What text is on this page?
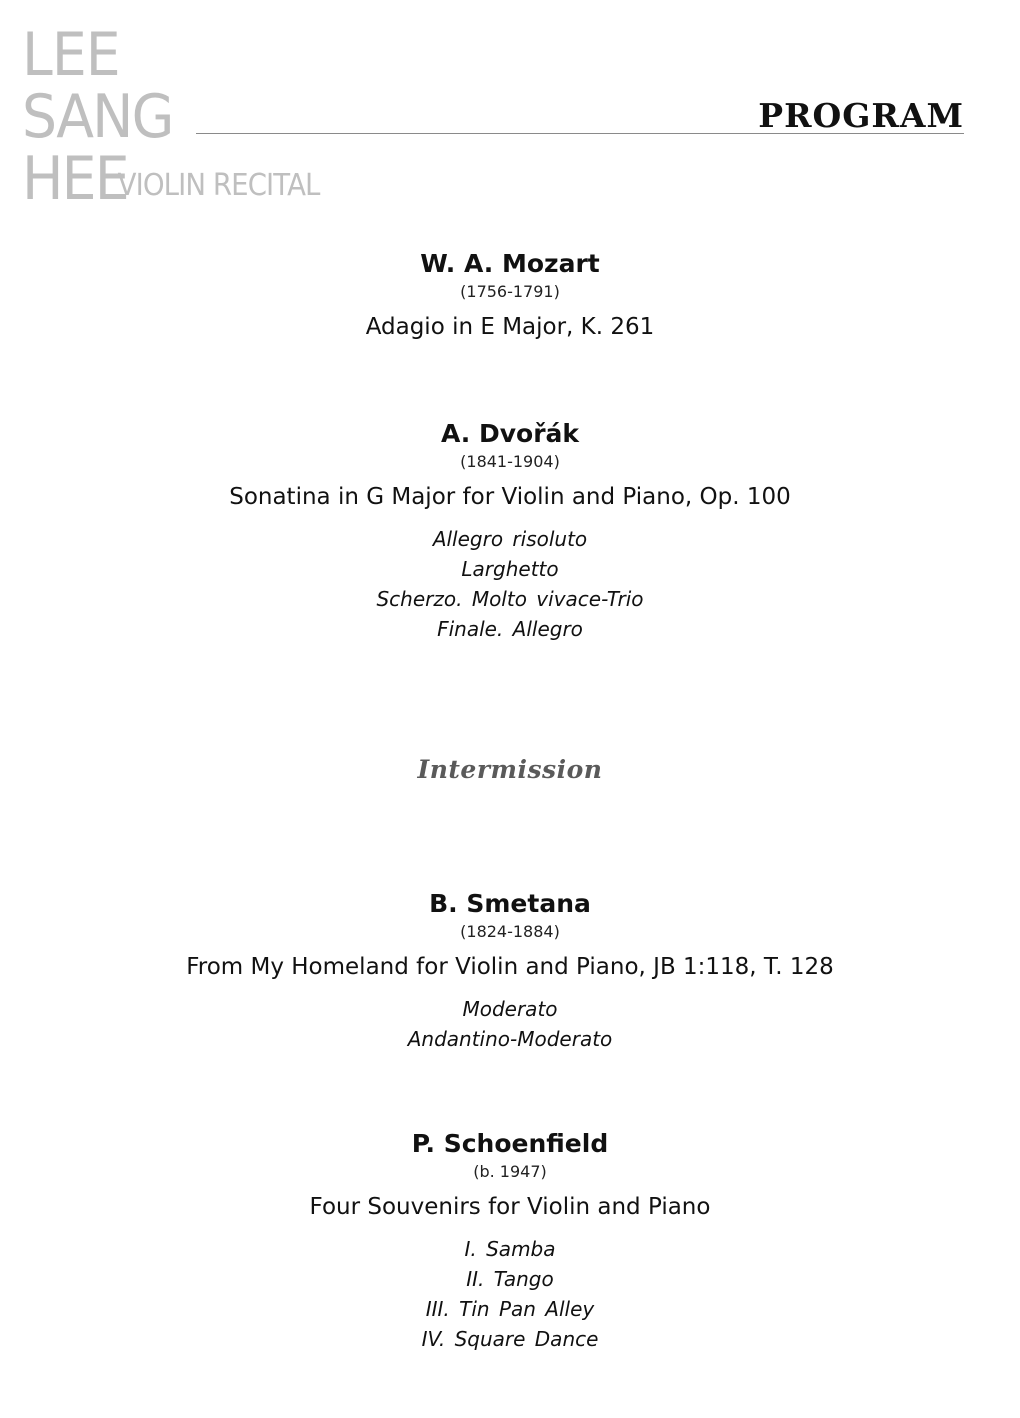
LEE
SANG
HEE
VIOLIN RECITAL
PROGRAM
W. A. Mozart
(1756-1791)
Adagio in E Major, K. 261
A. Dvořák
(1841-1904)
Sonatina in G Major for Violin and Piano, Op. 100
Allegro risoluto
Larghetto
Scherzo. Molto vivace-Trio
Finale. Allegro
Intermission
B. Smetana
(1824-1884)
From My Homeland for Violin and Piano, JB 1:118, T. 128
Moderato
Andantino-Moderato
P. Schoenfield
(b. 1947)
Four Souvenirs for Violin and Piano
I. Samba
II. Tango
III. Tin Pan Alley
IV. Square Dance
